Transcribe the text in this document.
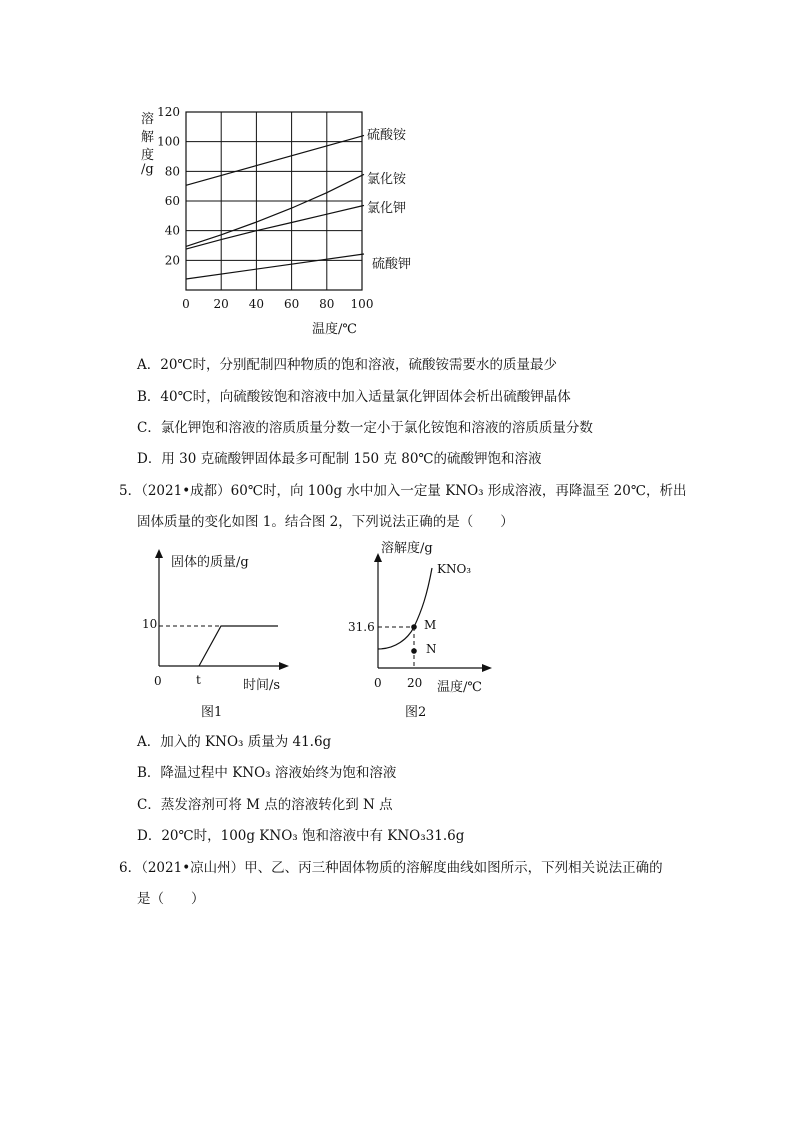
溶
解
度
/g
0 20 40 60 80 100
120
100
80
60
40
20
硫酸铵
氯化铵
氯化钾
硫酸钾
温度/℃
A．20℃时，分别配制四种物质的饱和溶液，硫酸铵需要水的质量最少
B．40℃时，向硫酸铵饱和溶液中加入适量氯化钾固体会析出硫酸钾晶体
C．氯化钾饱和溶液的溶质质量分数一定小于氯化铵饱和溶液的溶质质量分数
D．用 30 克硫酸钾固体最多可配制 150 克 80℃的硫酸钾饱和溶液
5．（2021•成都）60℃时，向 100g 水中加入一定量 KNO₃ 形成溶液，再降温至 20℃，析出
固体质量的变化如图 1。结合图 2，下列说法正确的是（　　）
固体的质量/g
10
0	t	时间/s
图1
溶解度/g
KNO₃
31.6	M
N
0 20 温度/℃
图2
A．加入的 KNO₃ 质量为 41.6g
B．降温过程中 KNO₃ 溶液始终为饱和溶液
C．蒸发溶剂可将 M 点的溶液转化到 N 点
D．20℃时，100g KNO₃ 饱和溶液中有 KNO₃31.6g
6．（2021•凉山州）甲、乙、丙三种固体物质的溶解度曲线如图所示，下列相关说法正确的
是（　　）
